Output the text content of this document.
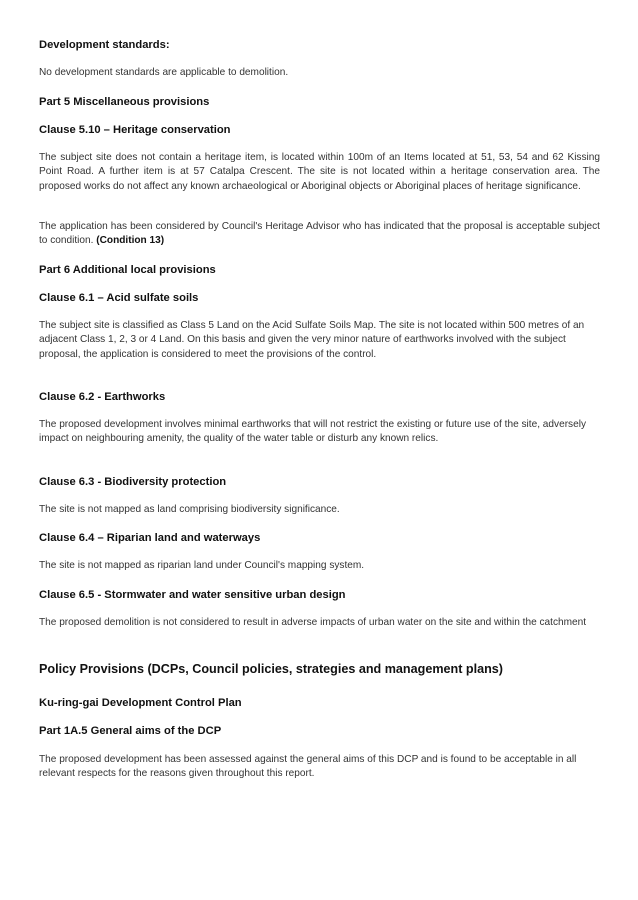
Development standards:

No development standards are applicable to demolition.

Part 5 Miscellaneous provisions

Clause 5.10 – Heritage conservation

The subject site does not contain a heritage item, is located within 100m of an Items located at 51, 53, 54 and 62 Kissing Point Road. A further item is at 57 Catalpa Crescent. The site is not located within a heritage conservation area. The proposed works do not affect any known archaeological or Aboriginal objects or Aboriginal places of heritage significance.

The application has been considered by Council's Heritage Advisor who has indicated that the proposal is acceptable subject to condition. (Condition 13)

Part 6 Additional local provisions

Clause 6.1 – Acid sulfate soils

The subject site is classified as Class 5 Land on the Acid Sulfate Soils Map. The site is not located within 500 metres of an adjacent Class 1, 2, 3 or 4 Land. On this basis and given the very minor nature of earthworks involved with the subject proposal, the application is considered to meet the provisions of the control.

Clause 6.2 - Earthworks

The proposed development involves minimal earthworks that will not restrict the existing or future use of the site, adversely impact on neighbouring amenity, the quality of the water table or disturb any known relics.

Clause 6.3 - Biodiversity protection

The site is not mapped as land comprising biodiversity significance.

Clause 6.4 – Riparian land and waterways

The site is not mapped as riparian land under Council's mapping system.

Clause 6.5 - Stormwater and water sensitive urban design

The proposed demolition is not considered to result in adverse impacts of urban water on the site and within the catchment

Policy Provisions (DCPs, Council policies, strategies and management plans)

Ku-ring-gai Development Control Plan

Part 1A.5 General aims of the DCP

The proposed development has been assessed against the general aims of this DCP and is found to be acceptable in all relevant respects for the reasons given throughout this report.
